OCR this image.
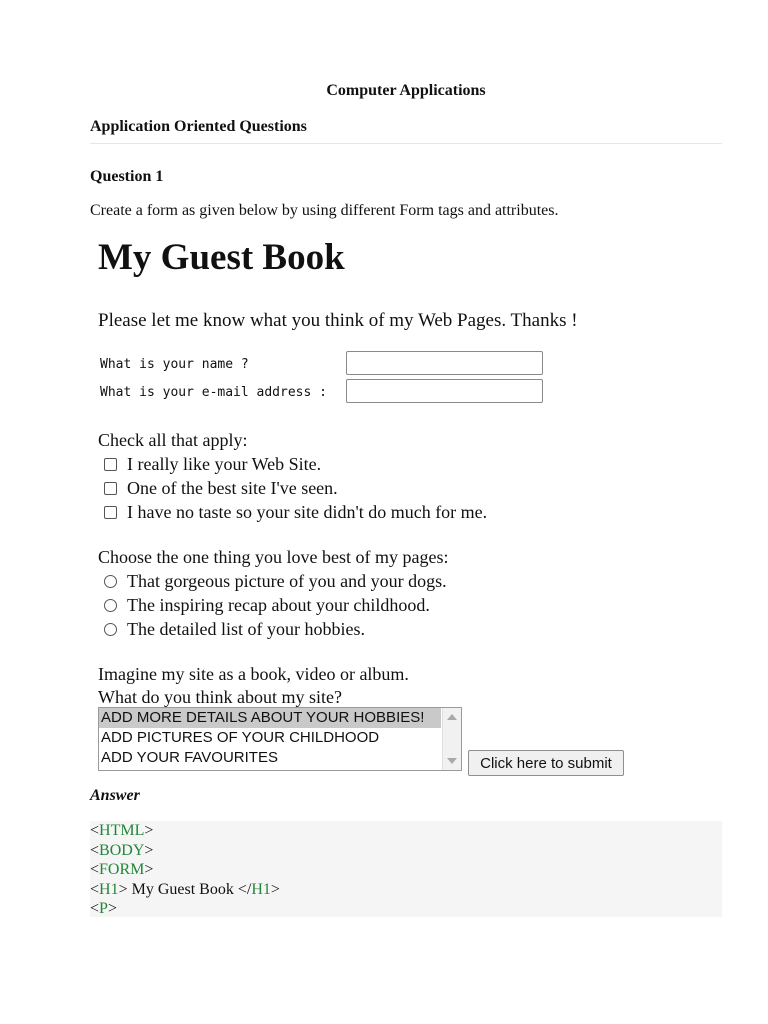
Computer Applications
Application Oriented Questions
Question 1
Create a form as given below by using different Form tags and attributes.
My Guest Book
Please let me know what you think of my Web Pages. Thanks !
What is your name ?
What is your e-mail address :
Check all that apply:
I really like your Web Site.
One of the best site I've seen.
I have no taste so your site didn't do much for me.
Choose the one thing you love best of my pages:
That gorgeous picture of you and your dogs.
The inspiring recap about your childhood.
The detailed list of your hobbies.
Imagine my site as a book, video or album.
What do you think about my site?
ADD MORE DETAILS ABOUT YOUR HOBBIES!
ADD PICTURES OF YOUR CHILDHOOD
ADD YOUR FAVOURITES	Click here to submit
Answer
<HTML>
<BODY>
<FORM>
<H1> My Guest Book </H1>
<P>
